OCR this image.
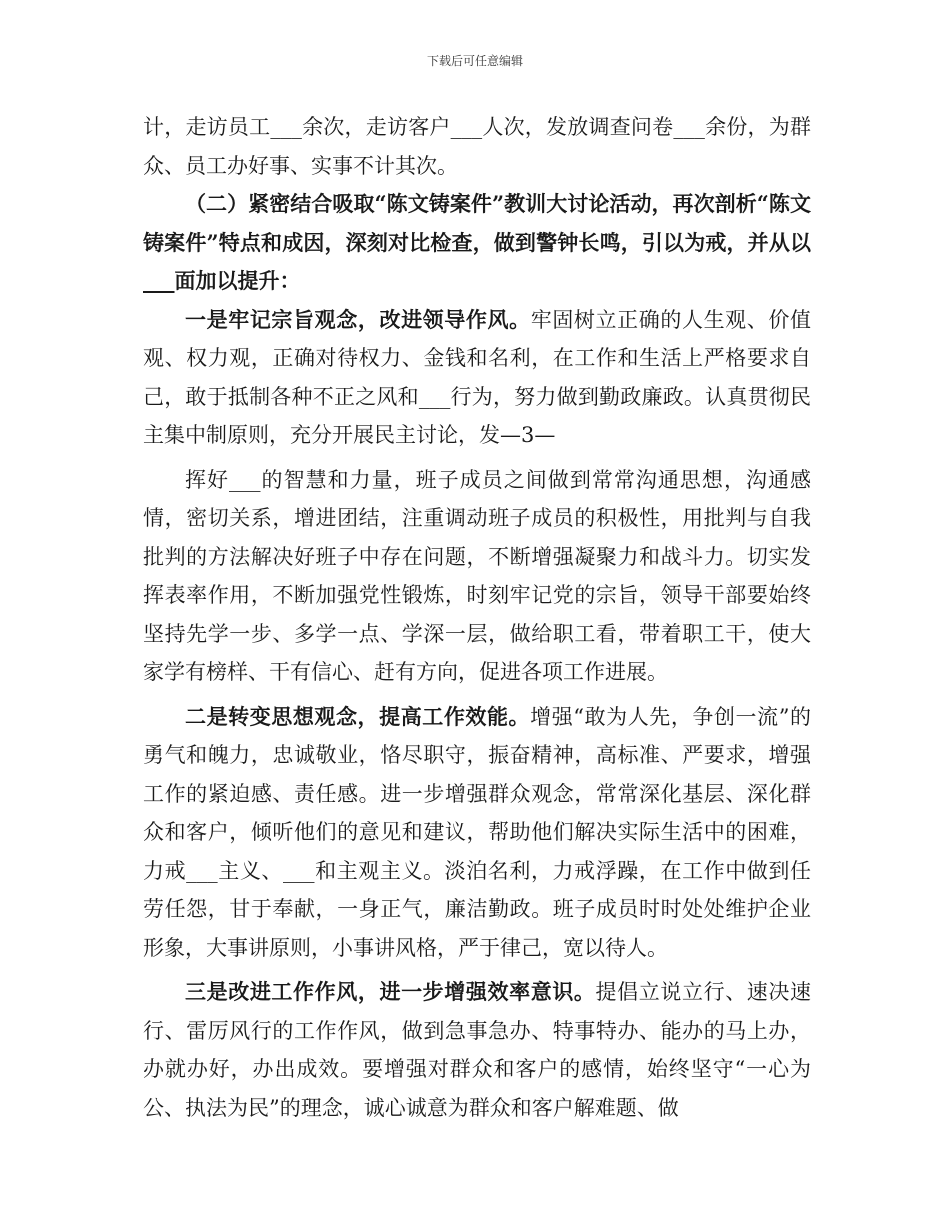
下载后可任意编辑

计，走访员工___余次，走访客户___人次，发放调查问卷___余份，为群众、员工办好事、实事不计其次。

（二）紧密结合吸取“陈文铸案件”教训大讨论活动，再次剖析“陈文铸案件”特点和成因，深刻对比检查，做到警钟长鸣，引以为戒，并从以___面加以提升：

一是牢记宗旨观念，改进领导作风。牢固树立正确的人生观、价值观、权力观，正确对待权力、金钱和名利，在工作和生活上严格要求自己，敢于抵制各种不正之风和___行为，努力做到勤政廉政。认真贯彻民主集中制原则，充分开展民主讨论，发—3—

挥好___的智慧和力量，班子成员之间做到常常沟通思想，沟通感情，密切关系，增进团结，注重调动班子成员的积极性，用批判与自我批判的方法解决好班子中存在问题，不断增强凝聚力和战斗力。切实发挥表率作用，不断加强党性锻炼，时刻牢记党的宗旨，领导干部要始终坚持先学一步、多学一点、学深一层，做给职工看，带着职工干，使大家学有榜样、干有信心、赶有方向，促进各项工作进展。

二是转变思想观念，提高工作效能。增强“敢为人先，争创一流”的勇气和魄力，忠诚敬业，恪尽职守，振奋精神，高标准、严要求，增强工作的紧迫感、责任感。进一步增强群众观念，常常深化基层、深化群众和客户，倾听他们的意见和建议，帮助他们解决实际生活中的困难，力戒___主义、___和主观主义。淡泊名利，力戒浮躁，在工作中做到任劳任怨，甘于奉献，一身正气，廉洁勤政。班子成员时时处处维护企业形象，大事讲原则，小事讲风格，严于律己，宽以待人。

三是改进工作作风，进一步增强效率意识。提倡立说立行、速决速行、雷厉风行的工作作风，做到急事急办、特事特办、能办的马上办，办就办好，办出成效。要增强对群众和客户的感情，始终坚守“一心为公、执法为民”的理念，诚心诚意为群众和客户解难题、做
